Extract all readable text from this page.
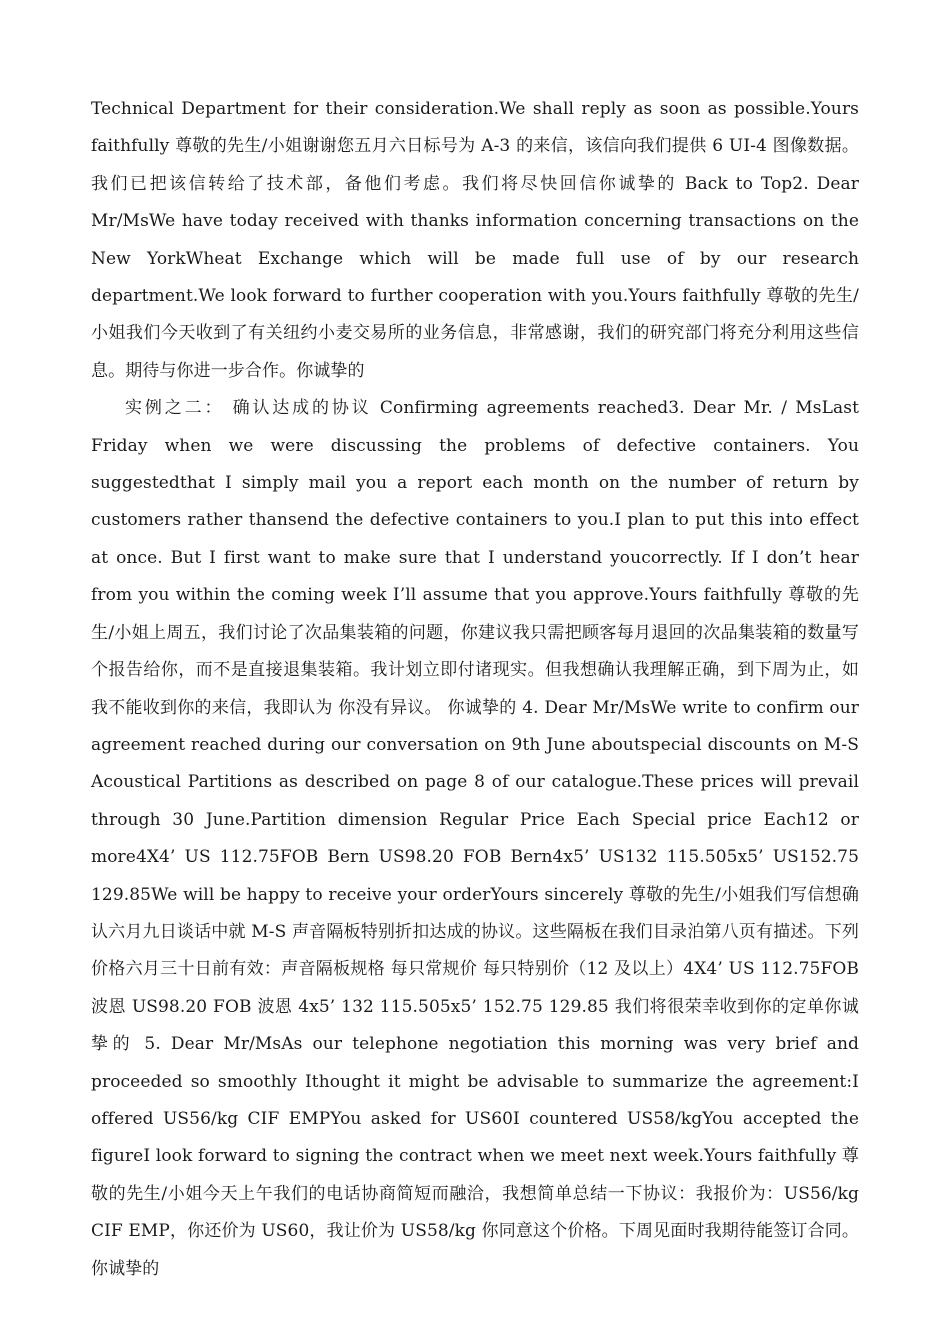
Technical Department for their consideration.We shall reply as soon as possible.Yours faithfully 尊敬的先生/小姐谢谢您五月六日标号为 A-3 的来信，该信向我们提供 6 UI-4 图像数据。我们已把该信转给了技术部，备他们考虑。我们将尽快回信你诚挚的 Back to Top2. Dear Mr/MsWe have today received with thanks information concerning transactions on the New YorkWheat Exchange which will be made full use of by our research department.We look forward to further cooperation with you.Yours faithfully 尊敬的先生/小姐我们今天收到了有关纽约小麦交易所的业务信息，非常感谢，我们的研究部门将充分利用这些信息。期待与你进一步合作。你诚挚的

实例之二： 确认达成的协议 Confirming agreements reached3. Dear Mr. / MsLast Friday when we were discussing the problems of defective containers. You suggestedthat I simply mail you a report each month on the number of return by customers rather thansend the defective containers to you.I plan to put this into effect at once. But I first want to make sure that I understand youcorrectly. If I don’t hear from you within the coming week I’ll assume that you approve.Yours faithfully 尊敬的先生/小姐上周五，我们讨论了次品集装箱的问题，你建议我只需把顾客每月退回的次品集装箱的数量写个报告给你，而不是直接退集装箱。我计划立即付诸现实。但我想确认我理解正确，到下周为止，如我不能收到你的来信，我即认为 你没有异议。 你诚挚的 4. Dear Mr/MsWe write to confirm our agreement reached during our conversation on 9th June aboutspecial discounts on M-S Acoustical Partitions as described on page 8 of our catalogue.These prices will prevail through 30 June.Partition dimension Regular Price Each Special price Each12 or more4X4’ US 112.75FOB Bern US98.20 FOB Bern4x5’ US132 115.505x5’ US152.75 129.85We will be happy to receive your orderYours sincerely 尊敬的先生/小姐我们写信想确认六月九日谈话中就 M-S 声音隔板特别折扣达成的协议。这些隔板在我们目录泊第八页有描述。下列价格六月三十日前有效：声音隔板规格 每只常规价 每只特别价（12 及以上）4X4’ US 112.75FOB 波恩 US98.20 FOB 波恩 4x5’ 132 115.505x5’ 152.75 129.85 我们将很荣幸收到你的定单你诚挚的 5. Dear Mr/MsAs our telephone negotiation this morning was very brief and proceeded so smoothly Ithought it might be advisable to summarize the agreement:I offered US56/kg CIF EMPYou asked for US60I countered US58/kgYou accepted the figureI look forward to signing the contract when we meet next week.Yours faithfully 尊敬的先生/小姐今天上午我们的电话协商简短而融洽，我想简单总结一下协议：我报价为：US56/kg CIF EMP，你还价为 US60，我让价为 US58/kg 你同意这个价格。下周见面时我期待能签订合同。你诚挚的
